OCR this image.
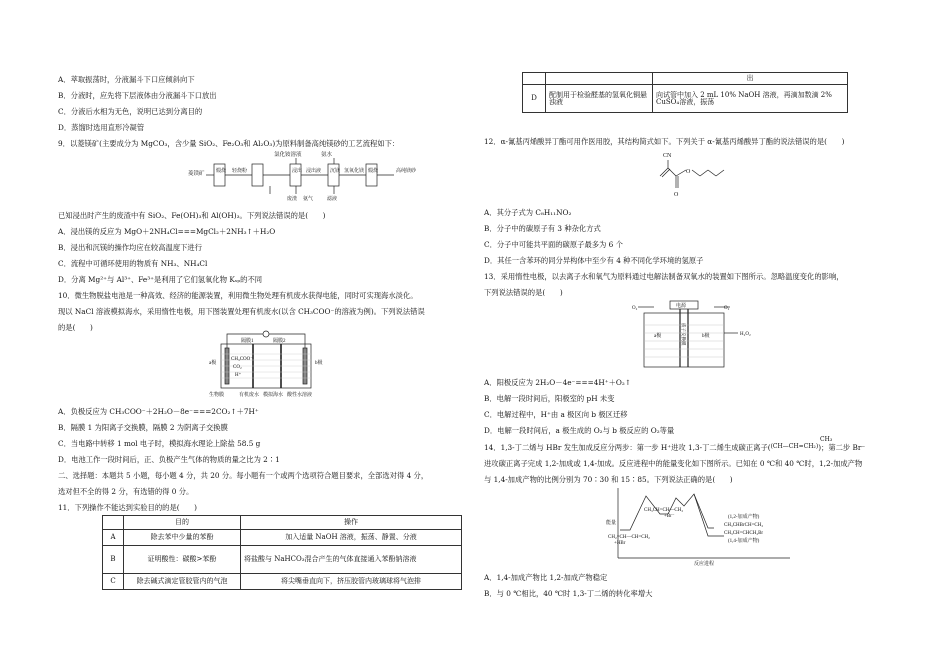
A．萃取振荡时，分液漏斗下口应倾斜向下
B．分液时，应先将下层液体由分液漏斗下口放出
C．分液后水相为无色，说明已达到分离目的
D．蒸馏时选用直形冷凝管
9．以菱镁矿(主要成分为 MgCO₃，含少量 SiO₂、Fe₂O₃和 Al₂O₃)为原料制备高纯镁砂的工艺流程如下：
氯化铵溶液	氨水
菱镁矿 煅烧 轻烧粉	浸出 浸出液 沉镁 氢氧化镁 煅烧	高纯镁砂
废渣 氨气	滤液
已知浸出时产生的废渣中有 SiO₂、Fe(OH)₃和 Al(OH)₃。下列说法错误的是(　　)
A．浸出镁的反应为 MgO＋2NH₄Cl===MgCl₂＋2NH₃↑＋H₂O
B．浸出和沉镁的操作均应在较高温度下进行
C．流程中可循环使用的物质有 NH₃、NH₄Cl
D．分离 Mg²⁺与 Al³⁺、Fe³⁺是利用了它们氢氧化物 Kₛₚ的不同
10．微生物脱盐电池是一种高效、经济的能源装置，利用微生物处理有机废水获得电能，同时可实现海水淡化。
现以 NaCl 溶液模拟海水，采用惰性电极，用下图装置处理有机废水(以含 CH₃COO⁻的溶液为例)。下列说法错误
的是(　　)
隔膜1	隔膜2
a极	b极
CH₃COO⁻
CO₂
H⁺
生物膜	有机废水 模拟海水 酸性水溶液
A．负极反应为 CH₃COO⁻＋2H₂O－8e⁻===2CO₂↑＋7H⁺
B．隔膜 1 为阳离子交换膜，隔膜 2 为阴离子交换膜
C．当电路中转移 1 mol 电子时，模拟海水理论上除盐 58.5 g
D．电池工作一段时间后，正、负极产生气体的物质的量之比为 2∶1
二、选择题：本题共 5 小题，每小题 4 分，共 20 分。每小题有一个或两个选项符合题目要求，全部选对得 4 分，
选对但不全的得 2 分，有选错的得 0 分。
11．下列操作不能达到实验目的的是(　　)
	目的	操作
A	除去苯中少量的苯酚	加入适量 NaOH 溶液，振荡、静置、分液
B	证明酸性：碳酸>苯酚	将盐酸与 NaHCO₃混合产生的气体直接通入苯酚钠溶液
C	除去碱式滴定管胶管内的气泡	将尖嘴垂直向下，挤压胶管内玻璃球将气泡排
		出
D	配制用于检验醛基的氢氧化铜悬浊液	向试管中加入 2 mL 10% NaOH 溶液，再滴加数滴 2% CuSO₄溶液，振荡
12．α-氰基丙烯酸异丁酯可用作医用胶，其结构简式如下。下列关于 α-氰基丙烯酸异丁酯的说法错误的是(　　)
CN
O
O
A．其分子式为 C₈H₁₁NO₂
B．分子中的碳原子有 3 种杂化方式
C．分子中可能共平面的碳原子最多为 6 个
D．其任一含苯环的同分异构体中至少有 4 种不同化学环境的氢原子
13．采用惰性电极，以去离子水和氧气为原料通过电解法制备双氧水的装置如下图所示。忽略温度变化的影响，
下列说法错误的是(　　)
O₂	O₂
电源
a极	b极	H₂O₂
质子交换膜
A．阳极反应为 2H₂O－4e⁻===4H⁺＋O₂↑
B．电解一段时间后，阳极室的 pH 未变
C．电解过程中，H⁺由 a 极区向 b 极区迁移
D．电解一段时间后，a 极生成的 O₂与 b 极反应的 O₂等量
14．1,3-丁二烯与 HBr 发生加成反应分两步：第一步 H⁺进攻 1,3-丁二烯生成碳正离子($^{(CH—CH=CH_2)}$)；第二步 Br⁻
CH₃
进攻碳正离子完成 1,2-加成或 1,4-加成。反应进程中的能量变化如下图所示。已知在 0 ℃和 40 ℃时，1,2-加成产物
与 1,4-加成产物的比例分别为 70∶30 和 15∶85。下列说法正确的是(　　)
能量
反应进程
CH₂=CH—CH=CH₂
+HBr
CH₃CH=CH—CH₂
+Br⁻	(1,2-加成产物)
CH₃CHBrCH=CH₂
CH₃CH=CHCH₂Br
(1,4-加成产物)
A．1,4-加成产物比 1,2-加成产物稳定
B．与 0 ℃相比，40 ℃时 1,3-丁二烯的转化率增大
